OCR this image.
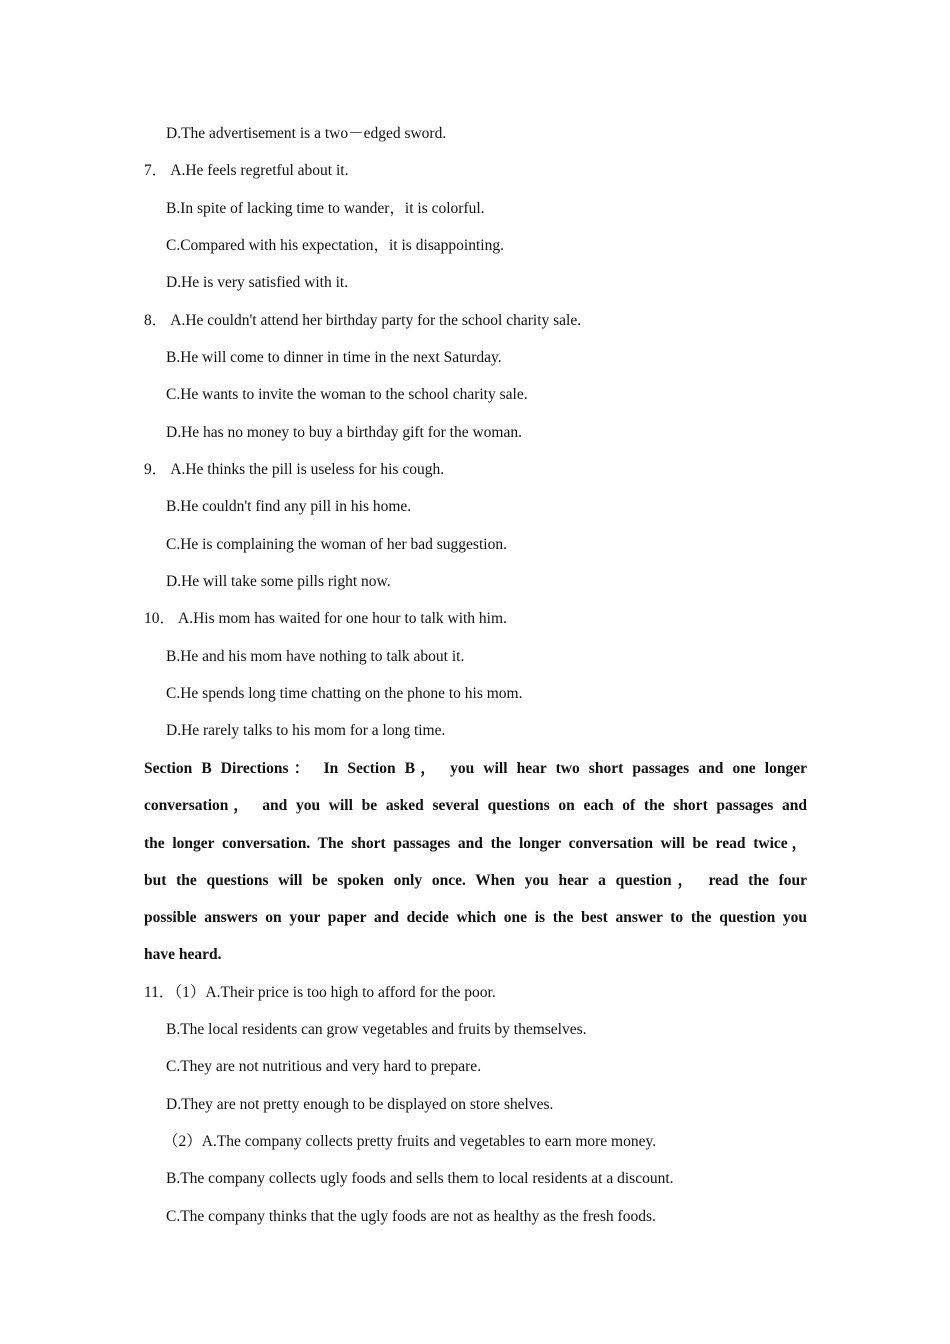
D.The advertisement is a two－edged sword.
7． A.He feels regretful about it.
B.In spite of lacking time to wander，it is colorful.
C.Compared with his expectation，it is disappointing.
D.He is very satisfied with it.
8． A.He couldn't attend her birthday party for the school charity sale.
B.He will come to dinner in time in the next Saturday.
C.He wants to invite the woman to the school charity sale.
D.He has no money to buy a birthday gift for the woman.
9． A.He thinks the pill is useless for his cough.
B.He couldn't find any pill in his home.
C.He is complaining the woman of her bad suggestion.
D.He will take some pills right now.
10． A.His mom has waited for one hour to talk with him.
B.He and his mom have nothing to talk about it.
C.He spends long time chatting on the phone to his mom.
D.He rarely talks to his mom for a long time.
Section B Directions： In Section B， you will hear two short passages and one longer
conversation， and you will be asked several questions on each of the short passages and
the longer conversation. The short passages and the longer conversation will be read twice，
but the questions will be spoken only once. When you hear a question， read the four
possible answers on your paper and decide which one is the best answer to the question you
have heard.
11．（1）A.Their price is too high to afford for the poor.
B.The local residents can grow vegetables and fruits by themselves.
C.They are not nutritious and very hard to prepare.
D.They are not pretty enough to be displayed on store shelves.
（2）A.The company collects pretty fruits and vegetables to earn more money.
B.The company collects ugly foods and sells them to local residents at a discount.
C.The company thinks that the ugly foods are not as healthy as the fresh foods.
